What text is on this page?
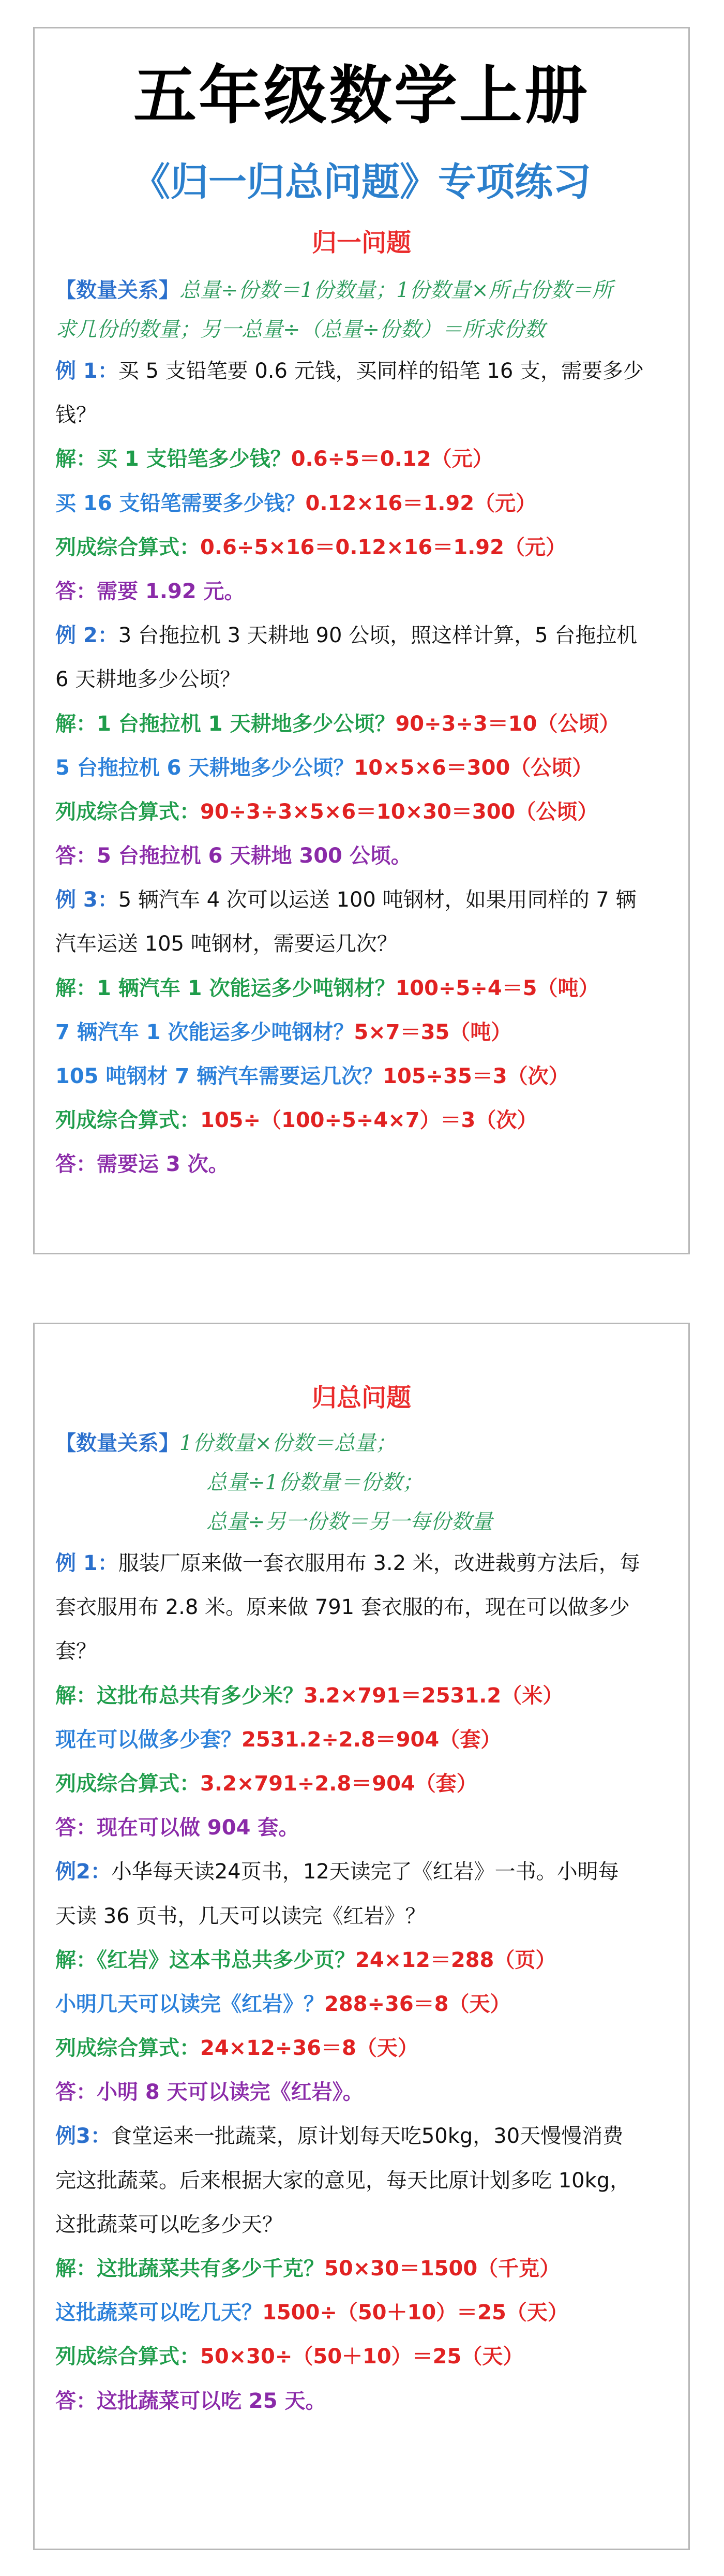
五年级数学上册
《归一归总问题》专项练习
归一问题
【数量关系】总量÷份数＝1份数量；1份数量×所占份数＝所
求几份的数量；另一总量÷（总量÷份数）＝所求份数
例 1：买 5 支铅笔要 0.6 元钱，买同样的铅笔 16 支，需要多少
钱？
解：买 1 支铅笔多少钱？0.6÷5＝0.12（元）
买 16 支铅笔需要多少钱？0.12×16＝1.92（元）
列成综合算式：0.6÷5×16＝0.12×16＝1.92（元）
答：需要 1.92 元。
例 2：3 台拖拉机 3 天耕地 90 公顷，照这样计算，5 台拖拉机
6 天耕地多少公顷？
解：1 台拖拉机 1 天耕地多少公顷？90÷3÷3＝10（公顷）
5 台拖拉机 6 天耕地多少公顷？10×5×6＝300（公顷）
列成综合算式：90÷3÷3×5×6＝10×30＝300（公顷）
答：5 台拖拉机 6 天耕地 300 公顷。
例 3：5 辆汽车 4 次可以运送 100 吨钢材，如果用同样的 7 辆
汽车运送 105 吨钢材，需要运几次？
解：1 辆汽车 1 次能运多少吨钢材？100÷5÷4＝5（吨）
7 辆汽车 1 次能运多少吨钢材？5×7＝35（吨）
105 吨钢材 7 辆汽车需要运几次？105÷35＝3（次）
列成综合算式：105÷（100÷5÷4×7）＝3（次）
答：需要运 3 次。
归总问题
【数量关系】1份数量×份数＝总量；
总量÷1份数量＝份数；
总量÷另一份数＝另一每份数量
例 1：服装厂原来做一套衣服用布 3.2 米，改进裁剪方法后，每
套衣服用布 2.8 米。原来做 791 套衣服的布，现在可以做多少
套？
解：这批布总共有多少米？3.2×791＝2531.2（米）
现在可以做多少套？2531.2÷2.8＝904（套）
列成综合算式：3.2×791÷2.8＝904（套）
答：现在可以做 904 套。
例2：小华每天读24页书，12天读完了《红岩》一书。小明每
天读 36 页书，几天可以读完《红岩》？
解：《红岩》这本书总共多少页？24×12＝288（页）
小明几天可以读完《红岩》？288÷36＝8（天）
列成综合算式：24×12÷36＝8（天）
答：小明 8 天可以读完《红岩》。
例3：食堂运来一批蔬菜，原计划每天吃50kg，30天慢慢消费
完这批蔬菜。后来根据大家的意见，每天比原计划多吃 10kg，
这批蔬菜可以吃多少天？
解：这批蔬菜共有多少千克？50×30＝1500（千克）
这批蔬菜可以吃几天？1500÷（50＋10）＝25（天）
列成综合算式：50×30÷（50＋10）＝25（天）
答：这批蔬菜可以吃 25 天。
